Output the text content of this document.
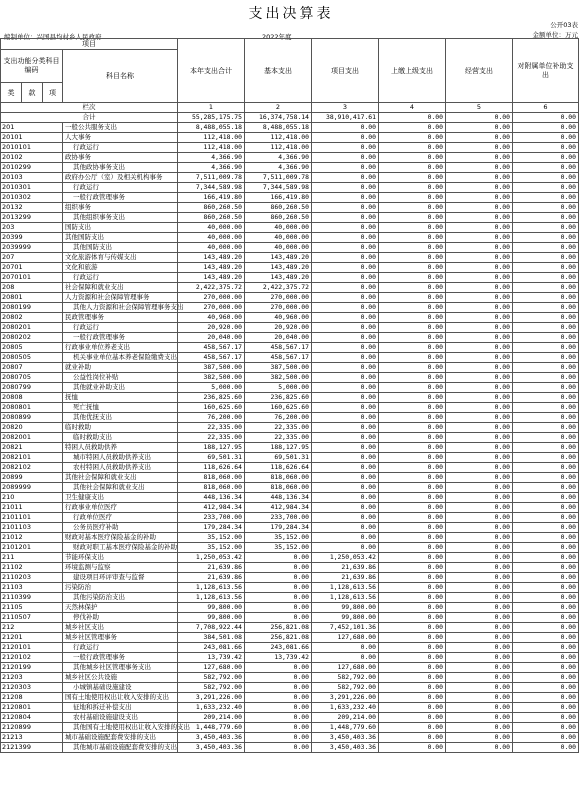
支出决算表
公开03表
编制单位：兴国县均村乡人民政府	2022年度	金额单位：万元
项目				本年支出合计	基本支出	项目支出	上缴上级支出	经营支出	对附属单位补助支出
支出功能分类科目编码			科目名称						
类	款	项							
栏次				1	2	3	4	5	6
合计				55,285,175.75	16,374,758.14	38,910,417.61	0.00	0.00	0.00
201			一般公共服务支出	8,488,055.18	8,488,055.18	0.00	0.00	0.00	0.00
20101			人大事务	112,418.00	112,418.00	0.00	0.00	0.00	0.00
2010101			行政运行	112,418.00	112,418.00	0.00	0.00	0.00	0.00
20102			政协事务	4,366.90	4,366.90	0.00	0.00	0.00	0.00
2010299			其他政协事务支出	4,366.90	4,366.90	0.00	0.00	0.00	0.00
20103			政府办公厅（室）及相关机构事务	7,511,009.78	7,511,009.78	0.00	0.00	0.00	0.00
2010301			行政运行	7,344,589.98	7,344,589.98	0.00	0.00	0.00	0.00
2010302			一般行政管理事务	166,419.80	166,419.80	0.00	0.00	0.00	0.00
20132			组织事务	860,260.50	860,260.50	0.00	0.00	0.00	0.00
2013299			其他组织事务支出	860,260.50	860,260.50	0.00	0.00	0.00	0.00
203			国防支出	40,000.00	40,000.00	0.00	0.00	0.00	0.00
20399			其他国防支出	40,000.00	40,000.00	0.00	0.00	0.00	0.00
2039999			其他国防支出	40,000.00	40,000.00	0.00	0.00	0.00	0.00
207			文化旅游体育与传媒支出	143,489.20	143,489.20	0.00	0.00	0.00	0.00
20701			文化和旅游	143,489.20	143,489.20	0.00	0.00	0.00	0.00
2070101			行政运行	143,489.20	143,489.20	0.00	0.00	0.00	0.00
208			社会保障和就业支出	2,422,375.72	2,422,375.72	0.00	0.00	0.00	0.00
20801			人力资源和社会保障管理事务	270,000.00	270,000.00	0.00	0.00	0.00	0.00
2080199			其他人力资源和社会保障管理事务支出	270,000.00	270,000.00	0.00	0.00	0.00	0.00
20802			民政管理事务	40,960.00	40,960.00	0.00	0.00	0.00	0.00
2080201			行政运行	20,920.00	20,920.00	0.00	0.00	0.00	0.00
2080202			一般行政管理事务	20,040.00	20,040.00	0.00	0.00	0.00	0.00
20805			行政事业单位养老支出	458,567.17	458,567.17	0.00	0.00	0.00	0.00
2080505			机关事业单位基本养老保险缴费支出	458,567.17	458,567.17	0.00	0.00	0.00	0.00
20807			就业补助	387,500.00	387,500.00	0.00	0.00	0.00	0.00
2080705			公益性岗位补贴	382,500.00	382,500.00	0.00	0.00	0.00	0.00
2080799			其他就业补助支出	5,000.00	5,000.00	0.00	0.00	0.00	0.00
20808			抚恤	236,825.60	236,825.60	0.00	0.00	0.00	0.00
2080801			死亡抚恤	160,625.60	160,625.60	0.00	0.00	0.00	0.00
2080899			其他优抚支出	76,200.00	76,200.00	0.00	0.00	0.00	0.00
20820			临时救助	22,335.00	22,335.00	0.00	0.00	0.00	0.00
2082001			临时救助支出	22,335.00	22,335.00	0.00	0.00	0.00	0.00
20821			特困人员救助供养	188,127.95	188,127.95	0.00	0.00	0.00	0.00
2082101			城市特困人员救助供养支出	69,501.31	69,501.31	0.00	0.00	0.00	0.00
2082102			农村特困人员救助供养支出	118,626.64	118,626.64	0.00	0.00	0.00	0.00
20899			其他社会保障和就业支出	818,060.00	818,060.00	0.00	0.00	0.00	0.00
2089999			其他社会保障和就业支出	818,060.00	818,060.00	0.00	0.00	0.00	0.00
210			卫生健康支出	448,136.34	448,136.34	0.00	0.00	0.00	0.00
21011			行政事业单位医疗	412,984.34	412,984.34	0.00	0.00	0.00	0.00
2101101			行政单位医疗	233,700.00	233,700.00	0.00	0.00	0.00	0.00
2101103			公务员医疗补助	179,284.34	179,284.34	0.00	0.00	0.00	0.00
21012			财政对基本医疗保险基金的补助	35,152.00	35,152.00	0.00	0.00	0.00	0.00
2101201			财政对职工基本医疗保险基金的补助	35,152.00	35,152.00	0.00	0.00	0.00	0.00
211			节能环保支出	1,250,053.42	0.00	1,250,053.42	0.00	0.00	0.00
21102			环境监测与监察	21,639.86	0.00	21,639.86	0.00	0.00	0.00
2110203			建设项目环评审查与监督	21,639.86	0.00	21,639.86	0.00	0.00	0.00
21103			污染防治	1,128,613.56	0.00	1,128,613.56	0.00	0.00	0.00
2110399			其他污染防治支出	1,128,613.56	0.00	1,128,613.56	0.00	0.00	0.00
21105			天然林保护	99,800.00	0.00	99,800.00	0.00	0.00	0.00
2110507			停伐补助	99,800.00	0.00	99,800.00	0.00	0.00	0.00
212			城乡社区支出	7,708,922.44	256,821.08	7,452,101.36	0.00	0.00	0.00
21201			城乡社区管理事务	384,501.08	256,821.08	127,680.00	0.00	0.00	0.00
2120101			行政运行	243,081.66	243,081.66	0.00	0.00	0.00	0.00
2120102			一般行政管理事务	13,739.42	13,739.42	0.00	0.00	0.00	0.00
2120199			其他城乡社区管理事务支出	127,680.00	0.00	127,680.00	0.00	0.00	0.00
21203			城乡社区公共设施	582,792.00	0.00	582,792.00	0.00	0.00	0.00
2120303			小城镇基础设施建设	582,792.00	0.00	582,792.00	0.00	0.00	0.00
21208			国有土地使用权出让收入安排的支出	3,291,226.00	0.00	3,291,226.00	0.00	0.00	0.00
2120801			征地和拆迁补偿支出	1,633,232.40	0.00	1,633,232.40	0.00	0.00	0.00
2120804			农村基础设施建设支出	209,214.00	0.00	209,214.00	0.00	0.00	0.00
2120899			其他国有土地使用权出让收入安排的支出	1,448,779.60	0.00	1,448,779.60	0.00	0.00	0.00
21213			城市基础设施配套费安排的支出	3,450,403.36	0.00	3,450,403.36	0.00	0.00	0.00
2121399			其他城市基础设施配套费安排的支出	3,450,403.36	0.00	3,450,403.36	0.00	0.00	0.00
